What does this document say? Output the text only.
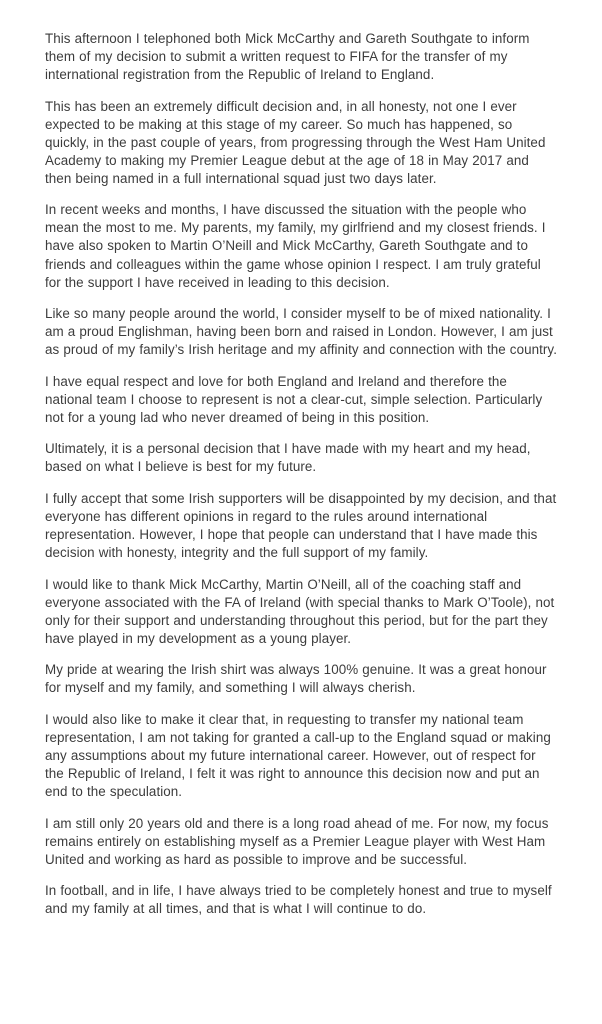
This afternoon I telephoned both Mick McCarthy and Gareth Southgate to inform them of my decision to submit a written request to FIFA for the transfer of my international registration from the Republic of Ireland to England.

This has been an extremely difficult decision and, in all honesty, not one I ever expected to be making at this stage of my career. So much has happened, so quickly, in the past couple of years, from progressing through the West Ham United Academy to making my Premier League debut at the age of 18 in May 2017 and then being named in a full international squad just two days later.

In recent weeks and months, I have discussed the situation with the people who mean the most to me. My parents, my family, my girlfriend and my closest friends. I have also spoken to Martin O’Neill and Mick McCarthy, Gareth Southgate and to friends and colleagues within the game whose opinion I respect. I am truly grateful for the support I have received in leading to this decision.

Like so many people around the world, I consider myself to be of mixed nationality. I am a proud Englishman, having been born and raised in London. However, I am just as proud of my family’s Irish heritage and my affinity and connection with the country.

I have equal respect and love for both England and Ireland and therefore the national team I choose to represent is not a clear-cut, simple selection. Particularly not for a young lad who never dreamed of being in this position.

Ultimately, it is a personal decision that I have made with my heart and my head, based on what I believe is best for my future.

I fully accept that some Irish supporters will be disappointed by my decision, and that everyone has different opinions in regard to the rules around international representation. However, I hope that people can understand that I have made this decision with honesty, integrity and the full support of my family.

I would like to thank Mick McCarthy, Martin O’Neill, all of the coaching staff and everyone associated with the FA of Ireland (with special thanks to Mark O’Toole), not only for their support and understanding throughout this period, but for the part they have played in my development as a young player.

My pride at wearing the Irish shirt was always 100% genuine. It was a great honour for myself and my family, and something I will always cherish.

I would also like to make it clear that, in requesting to transfer my national team representation, I am not taking for granted a call-up to the England squad or making any assumptions about my future international career. However, out of respect for the Republic of Ireland, I felt it was right to announce this decision now and put an end to the speculation.

I am still only 20 years old and there is a long road ahead of me. For now, my focus remains entirely on establishing myself as a Premier League player with West Ham United and working as hard as possible to improve and be successful.

In football, and in life, I have always tried to be completely honest and true to myself and my family at all times, and that is what I will continue to do.
